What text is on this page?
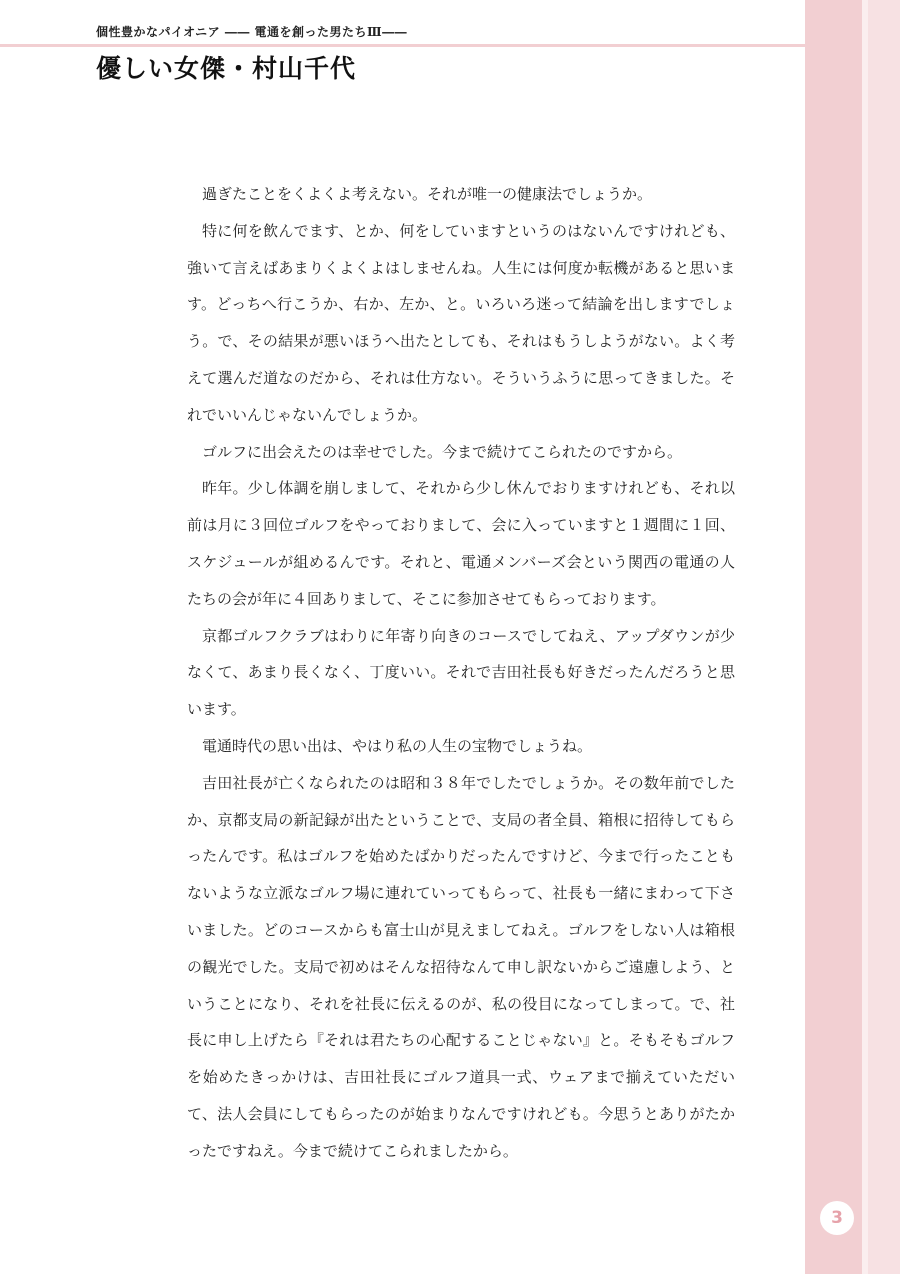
個性豊かなパイオニア ―― 電通を創った男たちⅢ――
優しい女傑・村山千代

過ぎたことをくよくよ考えない。それが唯一の健康法でしょうか。

特に何を飲んでます、とか、何をしていますというのはないんですけれども、強いて言えばあまりくよくよはしませんね。人生には何度か転機があると思います。どっちへ行こうか、右か、左か、と。いろいろ迷って結論を出しますでしょう。で、その結果が悪いほうへ出たとしても、それはもうしようがない。よく考えて選んだ道なのだから、それは仕方ない。そういうふうに思ってきました。それでいいんじゃないんでしょうか。

ゴルフに出会えたのは幸せでした。今まで続けてこられたのですから。

昨年。少し体調を崩しまして、それから少し休んでおりますけれども、それ以前は月に３回位ゴルフをやっておりまして、会に入っていますと１週間に１回、スケジュールが組めるんです。それと、電通メンバーズ会という関西の電通の人たちの会が年に４回ありまして、そこに参加させてもらっております。

京都ゴルフクラブはわりに年寄り向きのコースでしてねえ、アップダウンが少なくて、あまり長くなく、丁度いい。それで吉田社長も好きだったんだろうと思います。

電通時代の思い出は、やはり私の人生の宝物でしょうね。

吉田社長が亡くなられたのは昭和３８年でしたでしょうか。その数年前でしたか、京都支局の新記録が出たということで、支局の者全員、箱根に招待してもらったんです。私はゴルフを始めたばかりだったんですけど、今まで行ったこともないような立派なゴルフ場に連れていってもらって、社長も一緒にまわって下さいました。どのコースからも富士山が見えましてねえ。ゴルフをしない人は箱根の観光でした。支局で初めはそんな招待なんて申し訳ないからご遠慮しよう、ということになり、それを社長に伝えるのが、私の役目になってしまって。で、社長に申し上げたら『それは君たちの心配することじゃない』と。そもそもゴルフを始めたきっかけは、吉田社長にゴルフ道具一式、ウェアまで揃えていただいて、法人会員にしてもらったのが始まりなんですけれども。今思うとありがたかったですねえ。今まで続けてこられましたから。

3
